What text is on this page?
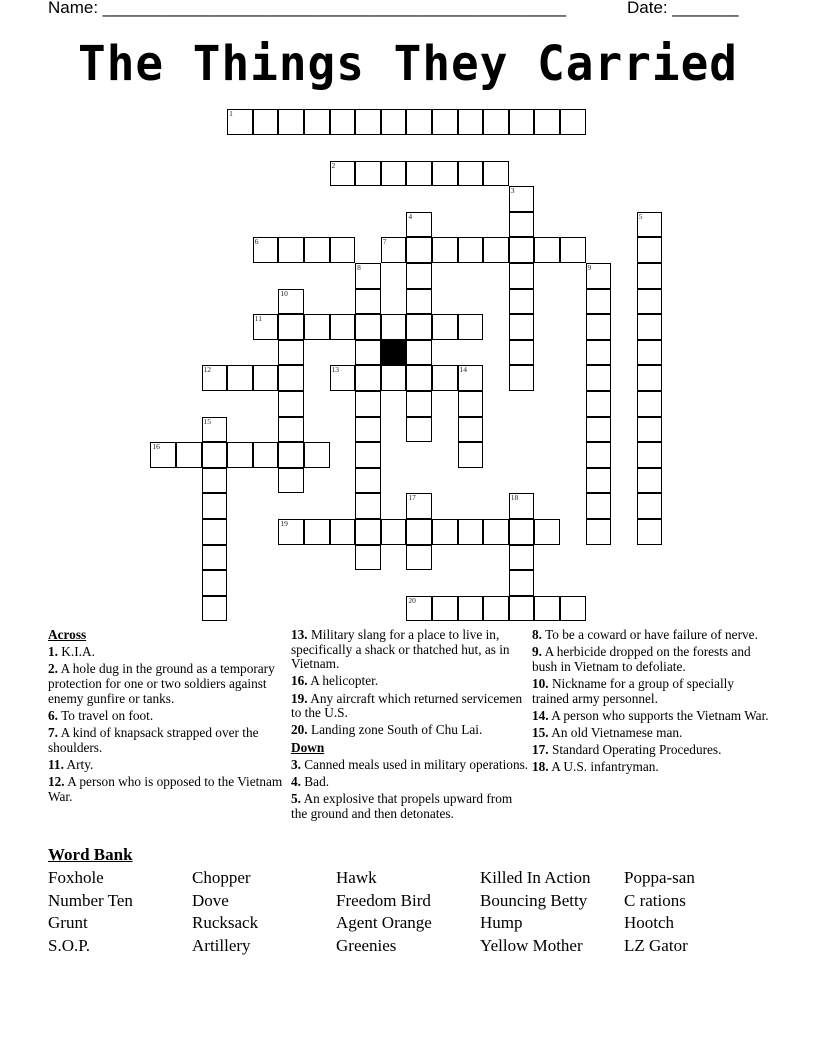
Name: _________________________________________________	Date: _______
The Things They Carried
1
2
3
4	5
6	7
8	9
10
11
12	13	14
15
16
17	18
19
20
Across
1. K.I.A.
2. A hole dug in the ground as a temporary protection for one or two soldiers against enemy gunfire or tanks.
6. To travel on foot.
7. A kind of knapsack strapped over the shoulders.
11. Arty.
12. A person who is opposed to the Vietnam War.
13. Military slang for a place to live in, specifically a shack or thatched hut, as in Vietnam.
16. A helicopter.
19. Any aircraft which returned servicemen to the U.S.
20. Landing zone South of Chu Lai.
Down
3. Canned meals used in military operations.
4. Bad.
5. An explosive that propels upward from the ground and then detonates.
8. To be a coward or have failure of nerve.
9. A herbicide dropped on the forests and bush in Vietnam to defoliate.
10. Nickname for a group of specially trained army personnel.
14. A person who supports the Vietnam War.
15. An old Vietnamese man.
17. Standard Operating Procedures.
18. A U.S. infantryman.
Word Bank
Foxhole	Chopper	Hawk	Killed In Action	Poppa-san
Number Ten	Dove	Freedom Bird	Bouncing Betty	C rations
Grunt	Rucksack	Agent Orange	Hump	Hootch
S.O.P.	Artillery	Greenies	Yellow Mother	LZ Gator
